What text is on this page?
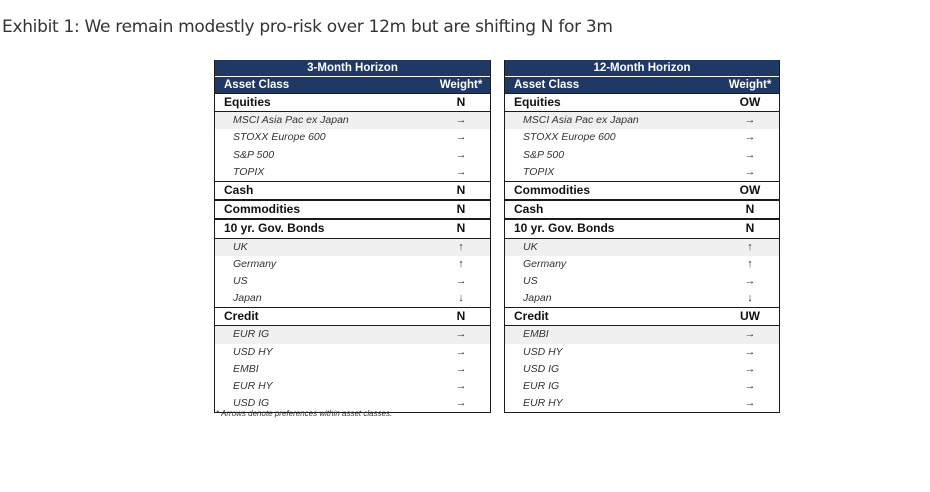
Exhibit 1: We remain modestly pro-risk over 12m but are shifting N for 3m
3-Month Horizon
Asset Class	Weight*
Equities	N
MSCI Asia Pac ex Japan	→
STOXX Europe 600	→
S&P 500	→
TOPIX	→
Cash	N
Commodities	N
10 yr. Gov. Bonds	N
UK	↑
Germany	↑
US	→
Japan	↓
Credit	N
EUR IG	→
USD HY	→
EMBI	→
EUR HY	→
USD IG	→
12-Month Horizon
Asset Class	Weight*
Equities	OW
MSCI Asia Pac ex Japan	→
STOXX Europe 600	→
S&P 500	→
TOPIX	→
Commodities	OW
Cash	N
10 yr. Gov. Bonds	N
UK	↑
Germany	↑
US	→
Japan	↓
Credit	UW
EMBI	→
USD HY	→
USD IG	→
EUR IG	→
EUR HY	→
* Arrows denote preferences within asset classes.
